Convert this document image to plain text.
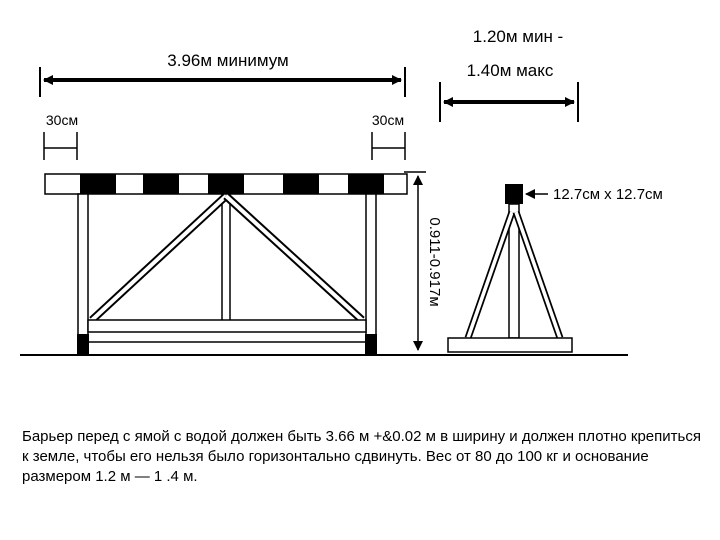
3.96м минимум
30см	30см
0.911-0.917м
1.20м мин -
1.40м макс
12.7см x 12.7см
Барьер перед с ямой с водой должен быть 3.66 м +&0.02 м в ширину и должен плотно крепиться к земле, чтобы его нельзя было горизонтально сдвинуть. Вес от 80 до 100 кг и основание размером 1.2 м — 1 .4 м.
